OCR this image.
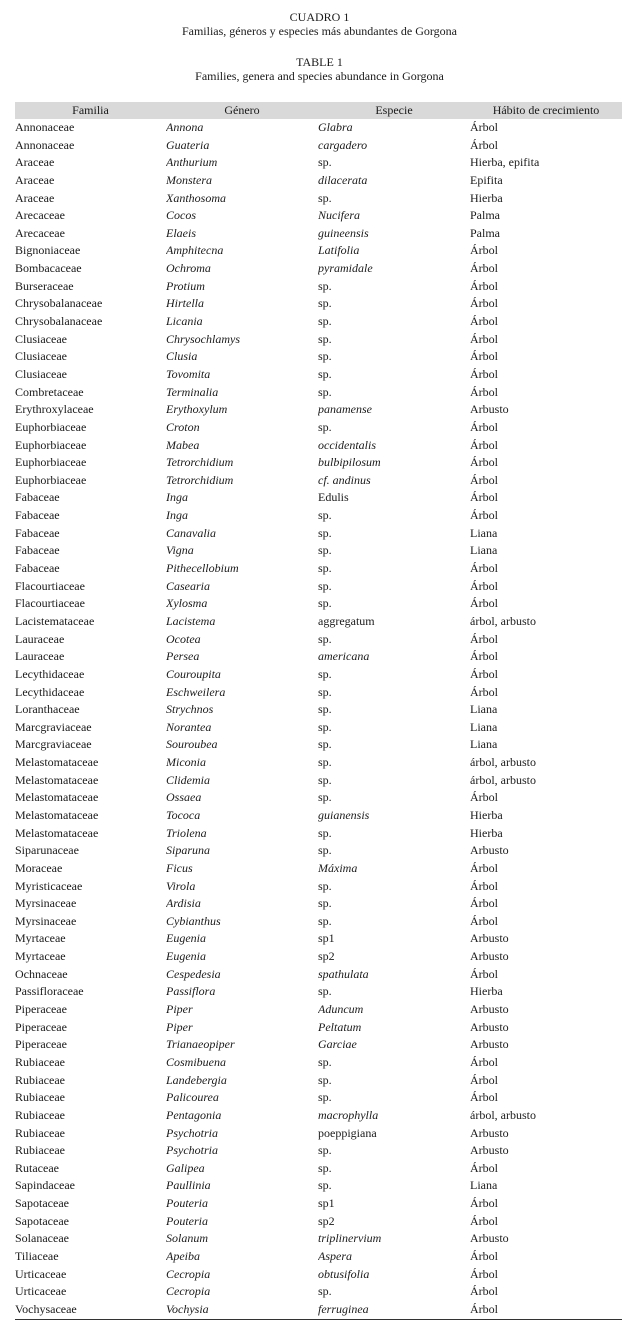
CUADRO 1
Familias, géneros y especies más abundantes de Gorgona
TABLE 1
Families, genera and species abundance in Gorgona
Familia	Género	Especie	Hábito de crecimiento
Annonaceae	Annona	Glabra	Árbol
Annonaceae	Guateria	cargadero	Árbol
Araceae	Anthurium	sp.	Hierba, epifita
Araceae	Monstera	dilacerata	Epifita
Araceae	Xanthosoma	sp.	Hierba
Arecaceae	Cocos	Nucifera	Palma
Arecaceae	Elaeis	guineensis	Palma
Bignoniaceae	Amphitecna	Latifolia	Árbol
Bombacaceae	Ochroma	pyramidale	Árbol
Burseraceae	Protium	sp.	Árbol
Chrysobalanaceae	Hirtella	sp.	Árbol
Chrysobalanaceae	Licania	sp.	Árbol
Clusiaceae	Chrysochlamys	sp.	Árbol
Clusiaceae	Clusia	sp.	Árbol
Clusiaceae	Tovomita	sp.	Árbol
Combretaceae	Terminalia	sp.	Árbol
Erythroxylaceae	Erythoxylum	panamense	Arbusto
Euphorbiaceae	Croton	sp.	Árbol
Euphorbiaceae	Mabea	occidentalis	Árbol
Euphorbiaceae	Tetrorchidium	bulbipilosum	Árbol
Euphorbiaceae	Tetrorchidium	cf. andinus	Árbol
Fabaceae	Inga	Edulis	Árbol
Fabaceae	Inga	sp.	Árbol
Fabaceae	Canavalia	sp.	Liana
Fabaceae	Vigna	sp.	Liana
Fabaceae	Pithecellobium	sp.	Árbol
Flacourtiaceae	Casearia	sp.	Árbol
Flacourtiaceae	Xylosma	sp.	Árbol
Lacistemataceae	Lacistema	aggregatum	árbol, arbusto
Lauraceae	Ocotea	sp.	Árbol
Lauraceae	Persea	americana	Árbol
Lecythidaceae	Couroupita	sp.	Árbol
Lecythidaceae	Eschweilera	sp.	Árbol
Loranthaceae	Strychnos	sp.	Liana
Marcgraviaceae	Norantea	sp.	Liana
Marcgraviaceae	Souroubea	sp.	Liana
Melastomataceae	Miconia	sp.	árbol, arbusto
Melastomataceae	Clidemia	sp.	árbol, arbusto
Melastomataceae	Ossaea	sp.	Árbol
Melastomataceae	Tococa	guianensis	Hierba
Melastomataceae	Triolena	sp.	Hierba
Siparunaceae	Siparuna	sp.	Arbusto
Moraceae	Ficus	Máxima	Árbol
Myristicaceae	Virola	sp.	Árbol
Myrsinaceae	Ardisia	sp.	Árbol
Myrsinaceae	Cybianthus	sp.	Árbol
Myrtaceae	Eugenia	sp1	Arbusto
Myrtaceae	Eugenia	sp2	Arbusto
Ochnaceae	Cespedesia	spathulata	Árbol
Passifloraceae	Passiflora	sp.	Hierba
Piperaceae	Piper	Aduncum	Arbusto
Piperaceae	Piper	Peltatum	Arbusto
Piperaceae	Trianaeopiper	Garciae	Arbusto
Rubiaceae	Cosmibuena	sp.	Árbol
Rubiaceae	Landebergia	sp.	Árbol
Rubiaceae	Palicourea	sp.	Árbol
Rubiaceae	Pentagonia	macrophylla	árbol, arbusto
Rubiaceae	Psychotria	poeppigiana	Arbusto
Rubiaceae	Psychotria	sp.	Arbusto
Rutaceae	Galipea	sp.	Árbol
Sapindaceae	Paullinia	sp.	Liana
Sapotaceae	Pouteria	sp1	Árbol
Sapotaceae	Pouteria	sp2	Árbol
Solanaceae	Solanum	triplinervium	Arbusto
Tiliaceae	Apeiba	Aspera	Árbol
Urticaceae	Cecropia	obtusifolia	Árbol
Urticaceae	Cecropia	sp.	Árbol
Vochysaceae	Vochysia	ferruginea	Árbol
